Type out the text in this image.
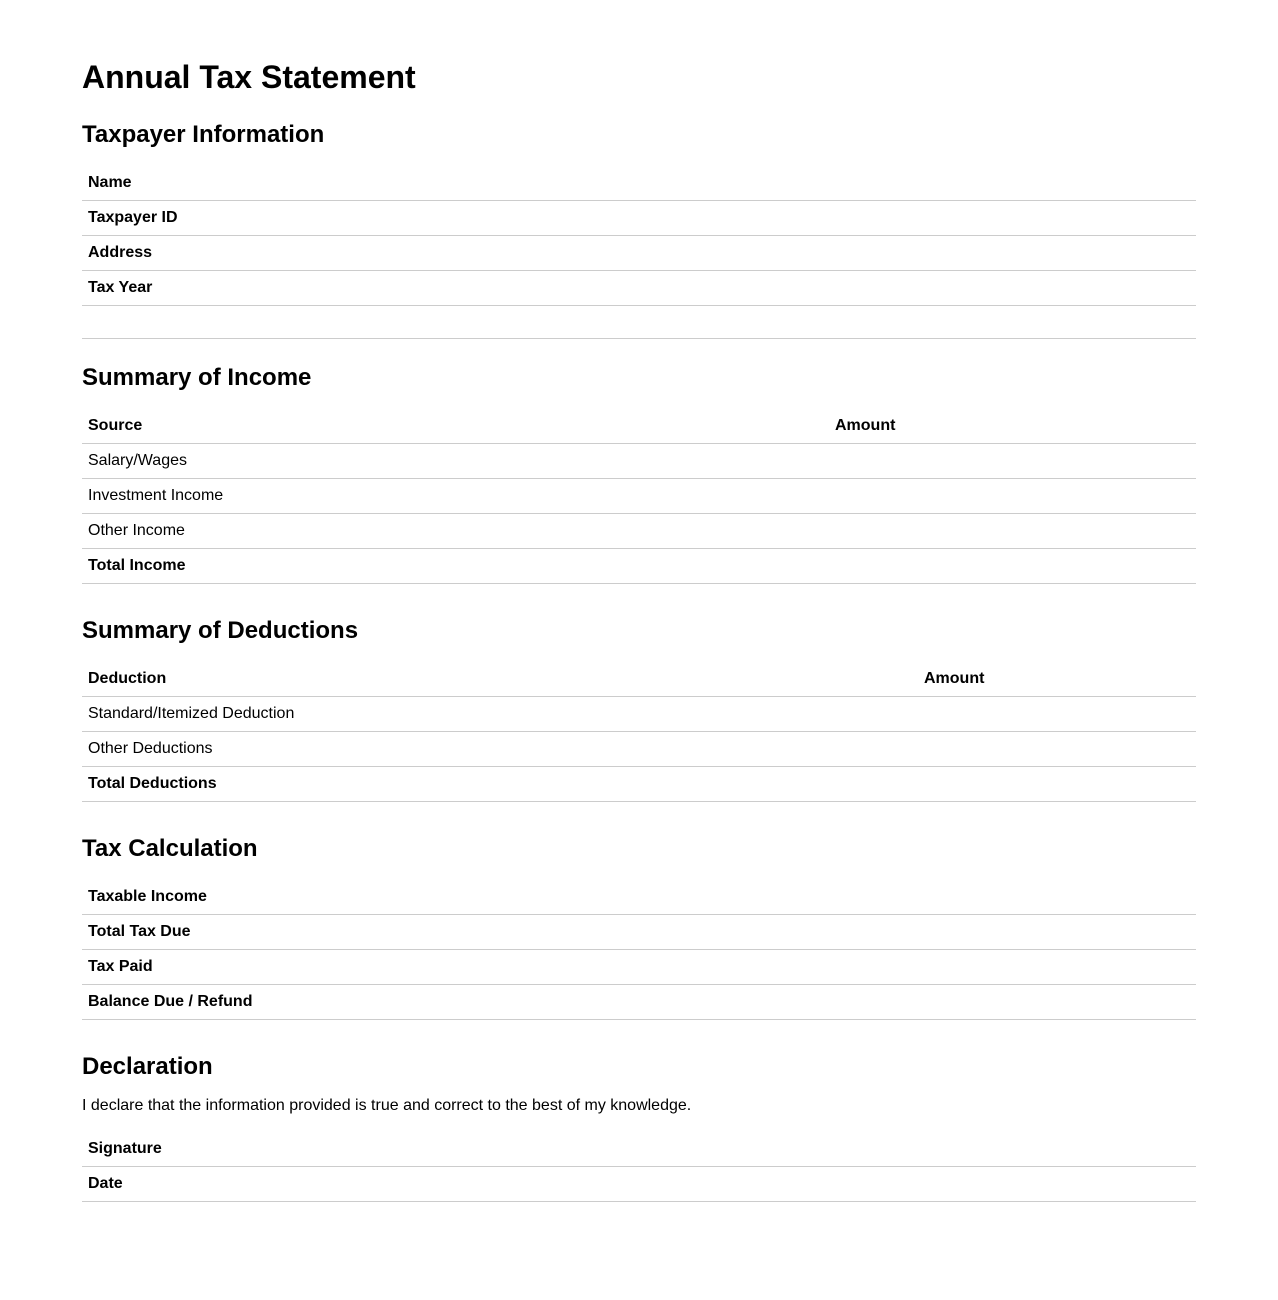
Annual Tax Statement
Taxpayer Information
Name	
Taxpayer ID	
Address	
Tax Year	

Summary of Income
Source	Amount
Salary/Wages	
Investment Income	
Other Income	
Total Income	
Summary of Deductions
Deduction	Amount
Standard/Itemized Deduction	
Other Deductions	
Total Deductions	
Tax Calculation
Taxable Income	
Total Tax Due	
Tax Paid	
Balance Due / Refund	
Declaration

I declare that the information provided is true and correct to the best of my knowledge.

Signature	
Date	
